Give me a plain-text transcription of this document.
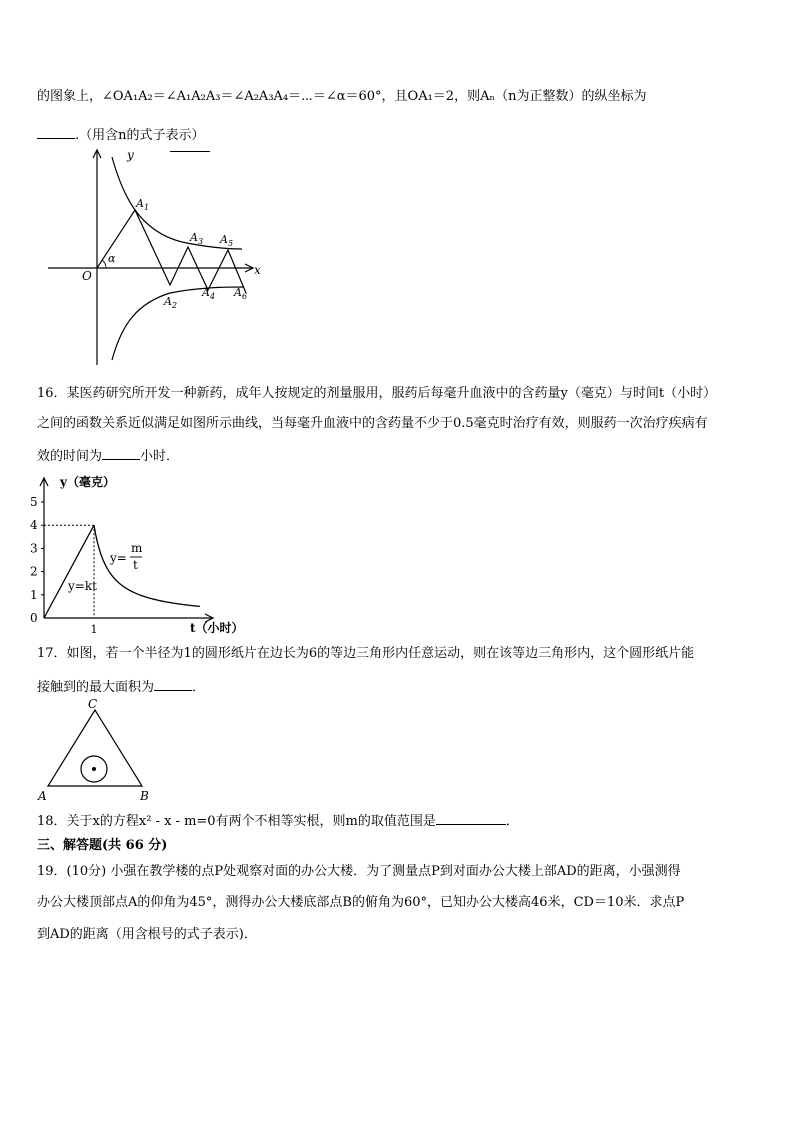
的图象上，∠OA₁A₂＝∠A₁A₂A₃＝∠A₂A₃A₄＝⋯＝∠α＝60°，且OA₁＝2，则Aₙ（n为正整数）的纵坐标为
.（用含n的式子表示）
y
x
O
α
$A_1$
$A_2$
$A_3$
$A_4$
$A_5$
$A_6$
16．某医药研究所开发一种新药，成年人按规定的剂量服用，服药后每毫升血液中的含药量y（毫克）与时间t（小时）
之间的函数关系近似满足如图所示曲线，当每毫升血液中的含药量不少于0.5毫克时治疗有效，则服药一次治疗疾病有
效的时间为	小时．
0
1
2
3
4
5
y（毫克）
t（小时）
1
y=kt
y=
m
t
17．如图，若一个半径为1的圆形纸片在边长为6的等边三角形内任意运动，则在该等边三角形内，这个圆形纸片能
接触到的最大面积为	．
C
A	B
18．关于x的方程x² - x - m=0有两个不相等实根，则m的取值范围是	．
三、解答题(共 66 分)
19．(10分) 小强在教学楼的点P处观察对面的办公大楼．为了测量点P到对面办公大楼上部AD的距离，小强测得
办公大楼顶部点A的仰角为45°，测得办公大楼底部点B的俯角为60°，已知办公大楼高46米，CD＝10米．求点P
到AD的距离（用含根号的式子表示)．
